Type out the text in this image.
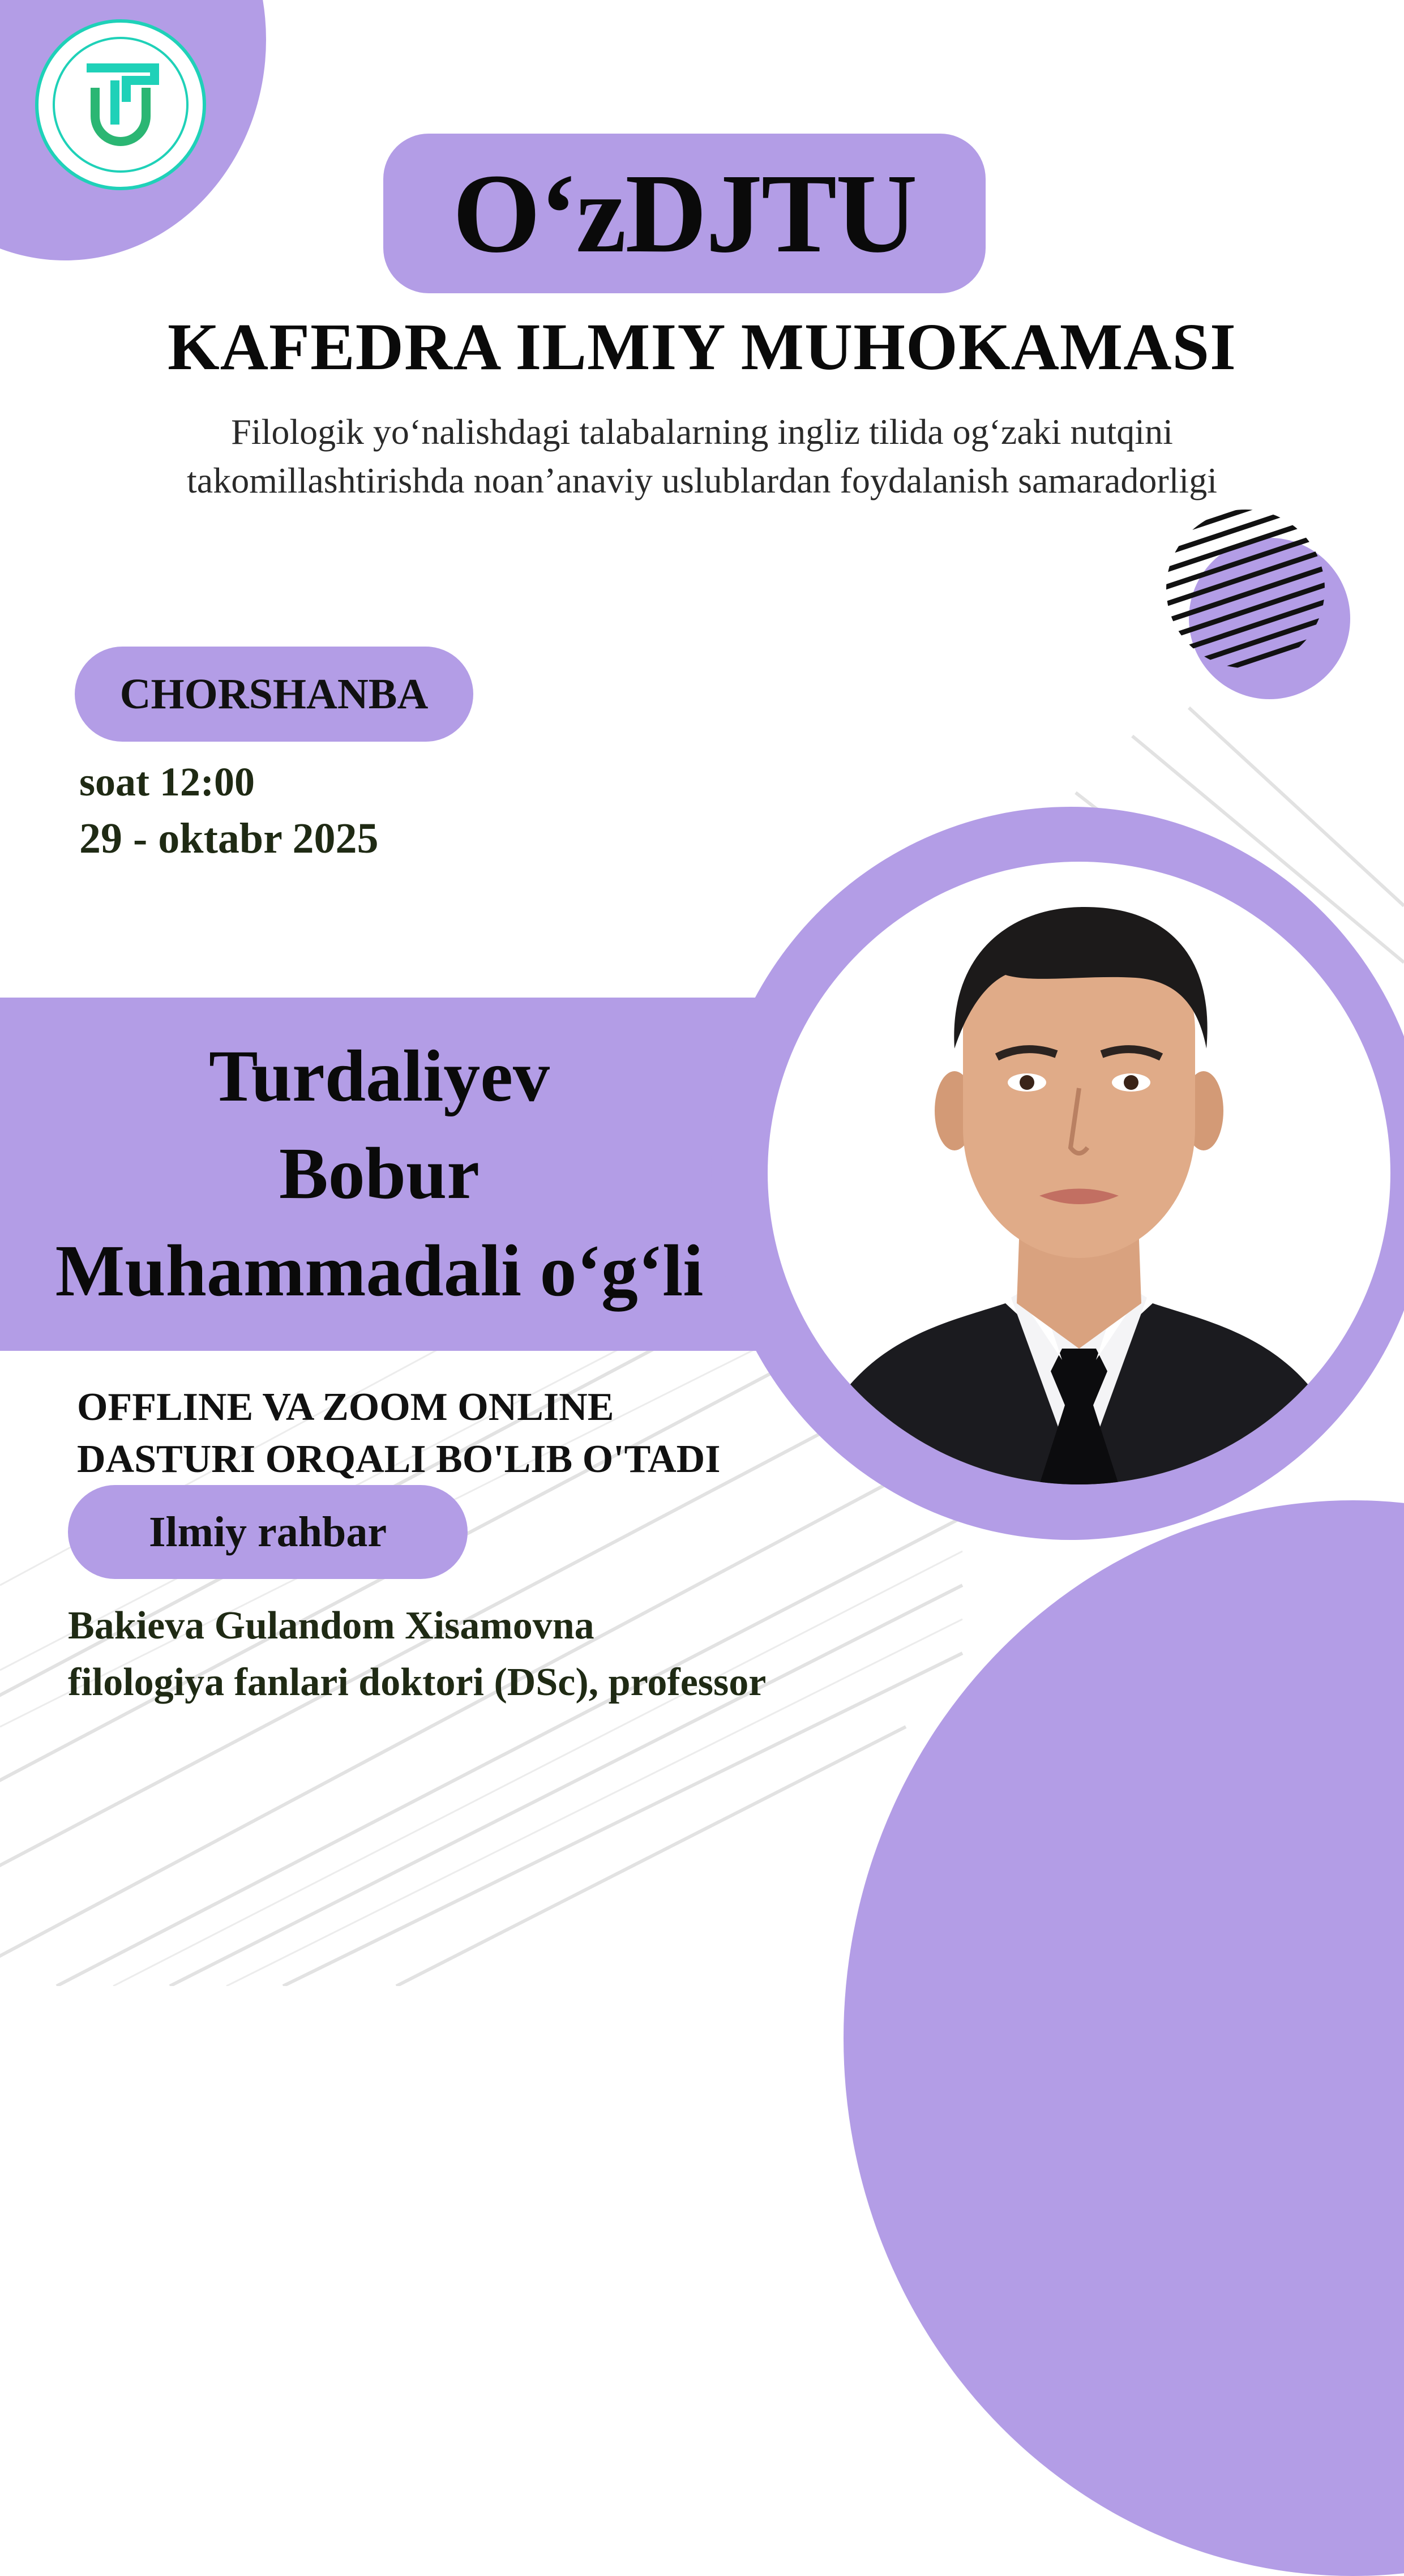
O‘zDJTU
KAFEDRA ILMIY MUHOKAMASI
Filologik yo‘nalishdagi talabalarning ingliz tilida og‘zaki nutqini
takomillashtirishda noan’anaviy uslublardan foydalanish samaradorligi
CHORSHANBA
soat 12:00
29 - oktabr 2025
Turdaliyev
Bobur
Muhammadali o‘g‘li
OFFLINE VA ZOOM ONLINE
DASTURI ORQALI BO'LIB O'TADI
Ilmiy rahbar
Bakieva Gulandom Xisamovna
filologiya fanlari doktori (DSc), professor
